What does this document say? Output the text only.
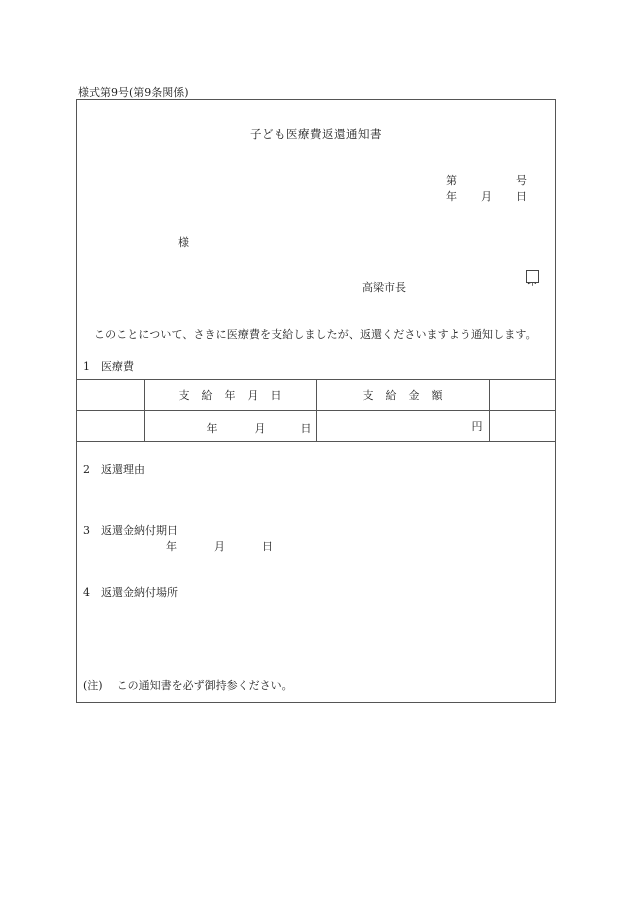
様式第9号(第9条関係)
子ども医療費返還通知書
第	号
年 月 日
様
高梁市長
このことについて、さきに医療費を支給しましたが、返還くださいますよう通知します。
1 医療費
	支給年月日	支給金額	

	年 月 日	円	
2 返還理由
3 返還金納付期日
年	月	日
4 返還金納付場所
(注) この通知書を必ず御持参ください。
